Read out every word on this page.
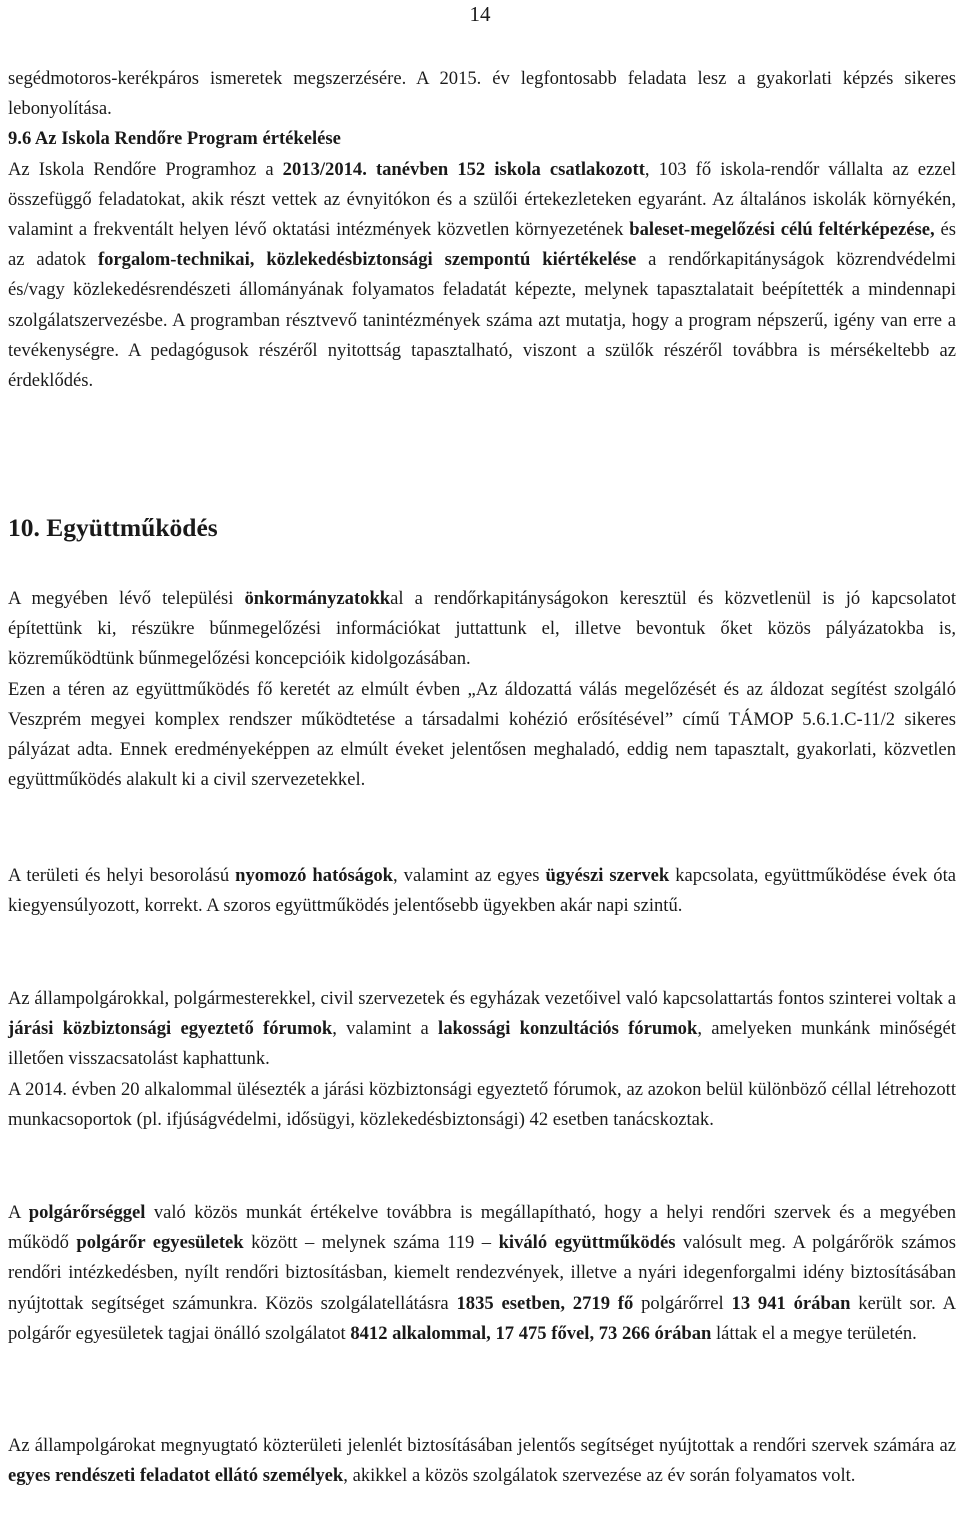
14

segédmotoros-kerékpáros ismeretek megszerzésére. A 2015. év legfontosabb feladata lesz a gyakorlati képzés sikeres lebonyolítása.

9.6 Az Iskola Rendőre Program értékelése

Az Iskola Rendőre Programhoz a 2013/2014. tanévben 152 iskola csatlakozott, 103 fő iskola-rendőr vállalta az ezzel összefüggő feladatokat, akik részt vettek az évnyitókon és a szülői értekezleteken egyaránt. Az általános iskolák környékén, valamint a frekventált helyen lévő oktatási intézmények közvetlen környezetének baleset-megelőzési célú feltérképezése, és az adatok forgalom-technikai, közlekedésbiztonsági szempontú kiértékelése a rendőrkapitányságok közrendvédelmi és/vagy közlekedésrendészeti állományának folyamatos feladatát képezte, melynek tapasztalatait beépítették a mindennapi szolgálatszervezésbe. A programban résztvevő tanintézmények száma azt mutatja, hogy a program népszerű, igény van erre a tevékenységre. A pedagógusok részéről nyitottság tapasztalható, viszont a szülők részéről továbbra is mérsékeltebb az érdeklődés.

10. Együttműködés

A megyében lévő települési önkormányzatokkal a rendőrkapitányságokon keresztül és közvetlenül is jó kapcsolatot építettünk ki, részükre bűnmegelőzési információkat juttattunk el, illetve bevontuk őket közös pályázatokba is, közreműködtünk bűnmegelőzési koncepcióik kidolgozásában.

Ezen a téren az együttműködés fő keretét az elmúlt évben „Az áldozattá válás megelőzését és az áldozat segítést szolgáló Veszprém megyei komplex rendszer működtetése a társadalmi kohézió erősítésével” című TÁMOP 5.6.1.C-11/2 sikeres pályázat adta. Ennek eredményeképpen az elmúlt éveket jelentősen meghaladó, eddig nem tapasztalt, gyakorlati, közvetlen együttműködés alakult ki a civil szervezetekkel.

A területi és helyi besorolású nyomozó hatóságok, valamint az egyes ügyészi szervek kapcsolata, együttműködése évek óta kiegyensúlyozott, korrekt. A szoros együttműködés jelentősebb ügyekben akár napi szintű.

Az állampolgárokkal, polgármesterekkel, civil szervezetek és egyházak vezetőivel való kapcsolattartás fontos szinterei voltak a járási közbiztonsági egyeztető fórumok, valamint a lakossági konzultációs fórumok, amelyeken munkánk minőségét illetően visszacsatolást kaphattunk.

A 2014. évben 20 alkalommal ülésezték a járási közbiztonsági egyeztető fórumok, az azokon belül különböző céllal létrehozott munkacsoportok (pl. ifjúságvédelmi, idősügyi, közlekedésbiztonsági) 42 esetben tanácskoztak.

A polgárőrséggel való közös munkát értékelve továbbra is megállapítható, hogy a helyi rendőri szervek és a megyében működő polgárőr egyesületek között – melynek száma 119 – kiváló együttműködés valósult meg. A polgárőrök számos rendőri intézkedésben, nyílt rendőri biztosításban, kiemelt rendezvények, illetve a nyári idegenforgalmi idény biztosításában nyújtottak segítséget számunkra. Közös szolgálatellátásra 1835 esetben, 2719 fő polgárőrrel 13 941 órában került sor. A polgárőr egyesületek tagjai önálló szolgálatot 8412 alkalommal, 17 475 fővel, 73 266 órában láttak el a megye területén.

Az állampolgárokat megnyugtató közterületi jelenlét biztosításában jelentős segítséget nyújtottak a rendőri szervek számára az egyes rendészeti feladatot ellátó személyek, akikkel a közös szolgálatok szervezése az év során folyamatos volt.
